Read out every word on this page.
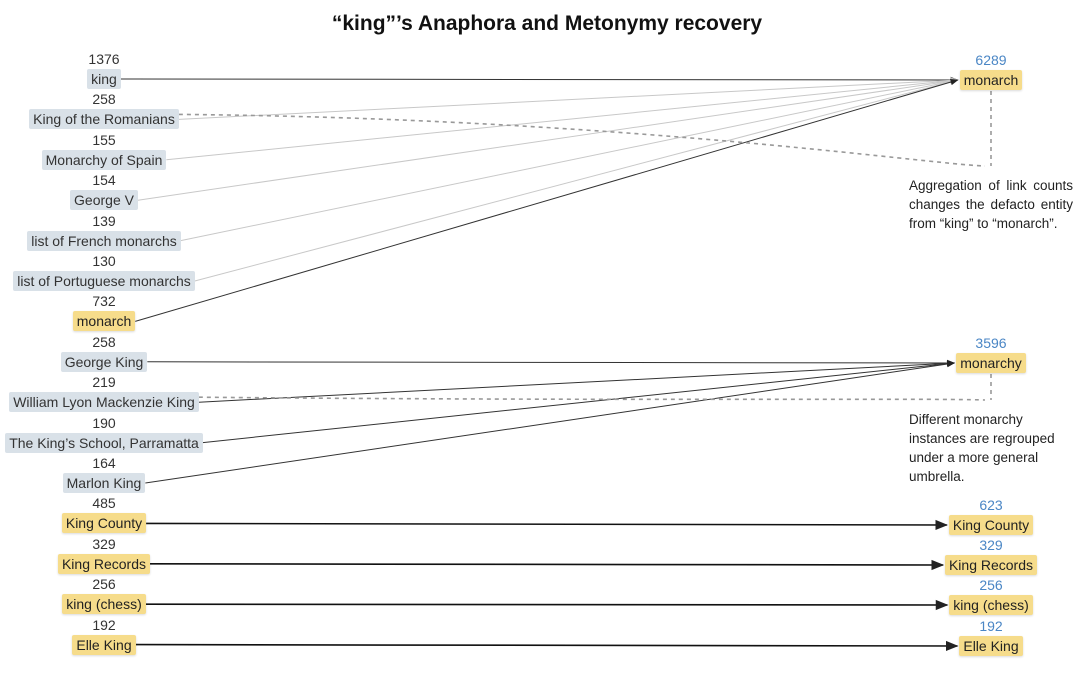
“king”’s Anaphora and Metonymy recovery
1376
king
258
King of the Romanians
155
Monarchy of Spain
154
George V
139
list of French monarchs
130
list of Portuguese monarchs
732
monarch
258
George King
219
William Lyon Mackenzie King
190
The King’s School, Parramatta
164
Marlon King
485
King County
329
King Records
256
king (chess)
192
Elle King
6289
monarch
3596
monarchy
623
King County
329
King Records
256
king (chess)
192
Elle King
Aggregation of link counts changes the defacto entity from “king” to “monarch”.
Different monarchy instances are regrouped under a more general umbrella.
